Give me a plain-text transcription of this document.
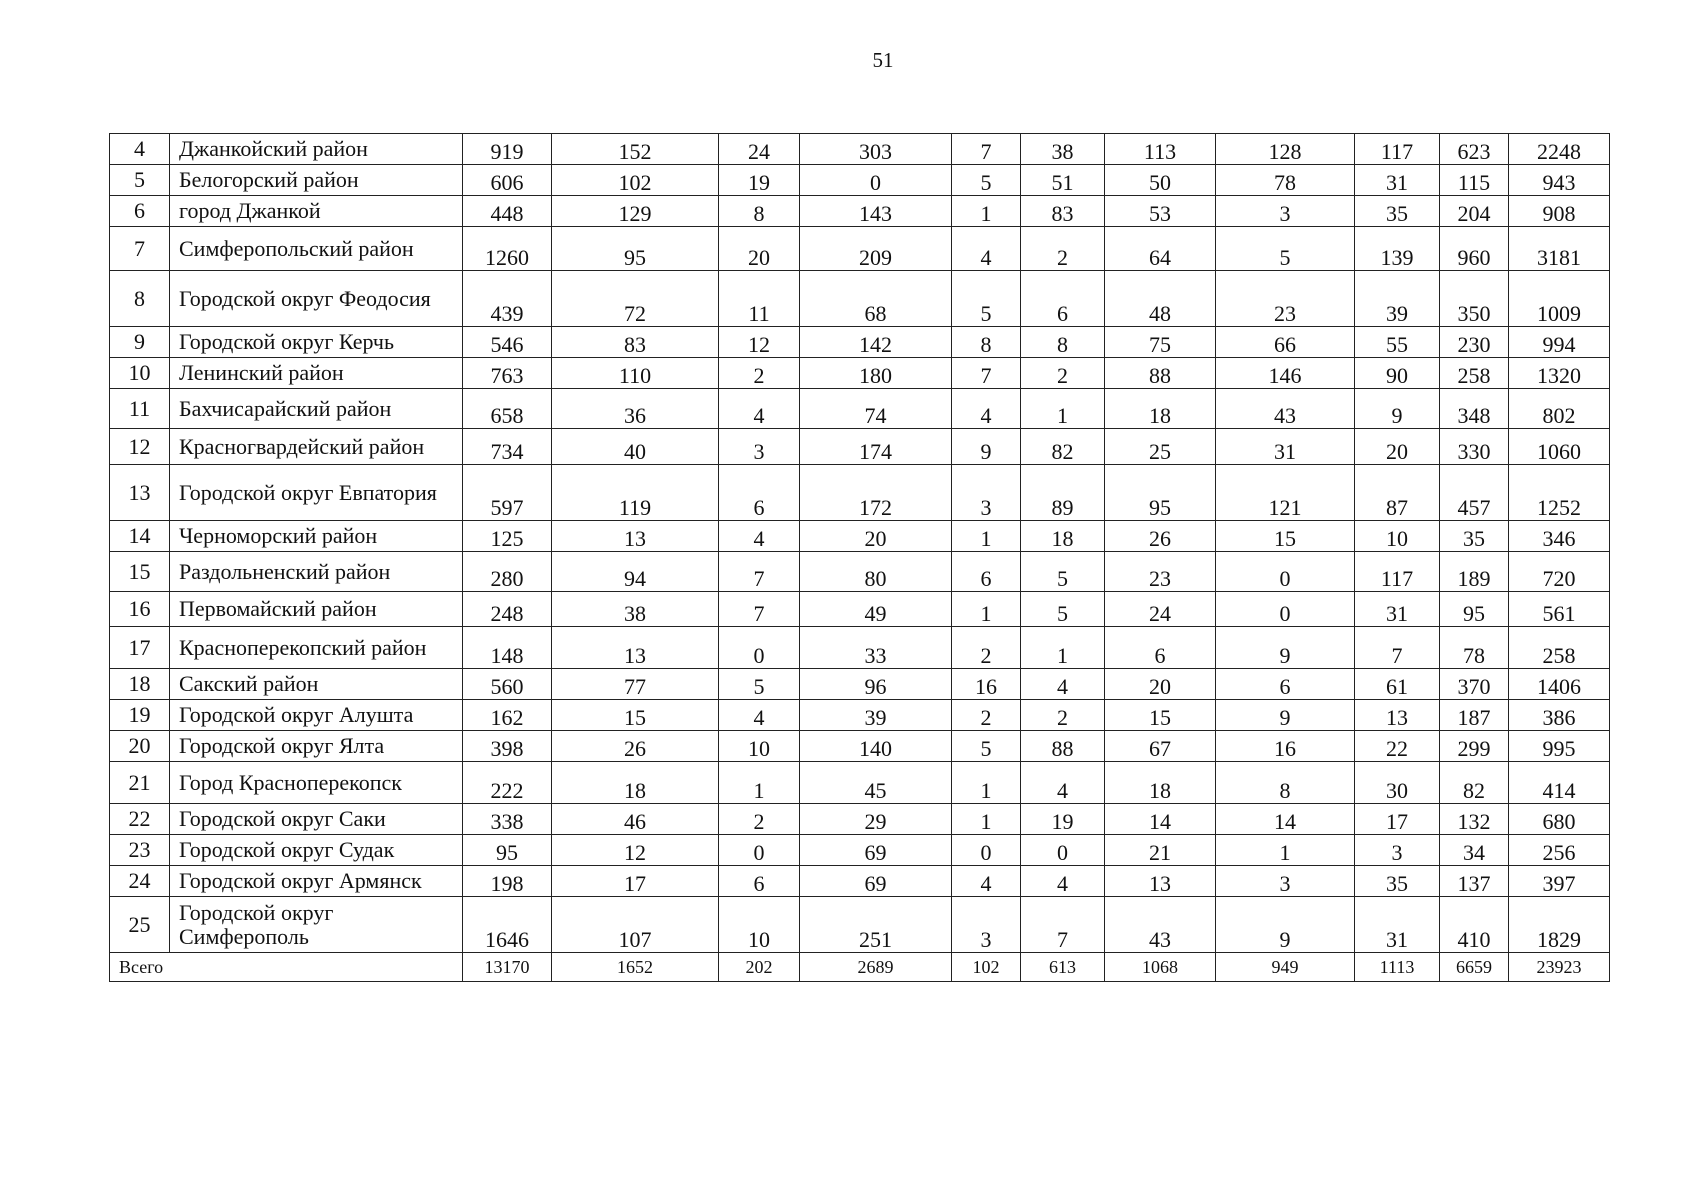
51
4	Джанкойский район	919	152	24	303	7	38	113	128	117	623	2248
5	Белогорский район	606	102	19	0	5	51	50	78	31	115	943
6	город Джанкой	448	129	8	143	1	83	53	3	35	204	908
7	Симферопольский район	1260	95	20	209	4	2	64	5	139	960	3181
8	Городской округ Феодосия	439	72	11	68	5	6	48	23	39	350	1009
9	Городской округ Керчь	546	83	12	142	8	8	75	66	55	230	994
10	Ленинский район	763	110	2	180	7	2	88	146	90	258	1320
11	Бахчисарайский район	658	36	4	74	4	1	18	43	9	348	802
12	Красногвардейский район	734	40	3	174	9	82	25	31	20	330	1060
13	Городской округ Евпатория	597	119	6	172	3	89	95	121	87	457	1252
14	Черноморский район	125	13	4	20	1	18	26	15	10	35	346
15	Раздольненский район	280	94	7	80	6	5	23	0	117	189	720
16	Первомайский район	248	38	7	49	1	5	24	0	31	95	561
17	Красноперекопский район	148	13	0	33	2	1	6	9	7	78	258
18	Сакский район	560	77	5	96	16	4	20	6	61	370	1406
19	Городской округ Алушта	162	15	4	39	2	2	15	9	13	187	386
20	Городской округ Ялта	398	26	10	140	5	88	67	16	22	299	995
21	Город Красноперекопск	222	18	1	45	1	4	18	8	30	82	414
22	Городской округ Саки	338	46	2	29	1	19	14	14	17	132	680
23	Городской округ Судак	95	12	0	69	0	0	21	1	3	34	256
24	Городской округ Армянск	198	17	6	69	4	4	13	3	35	137	397
25	Городской округ Симферополь	1646	107	10	251	3	7	43	9	31	410	1829
Всего		13170	1652	202	2689	102	613	1068	949	1113	6659	23923
